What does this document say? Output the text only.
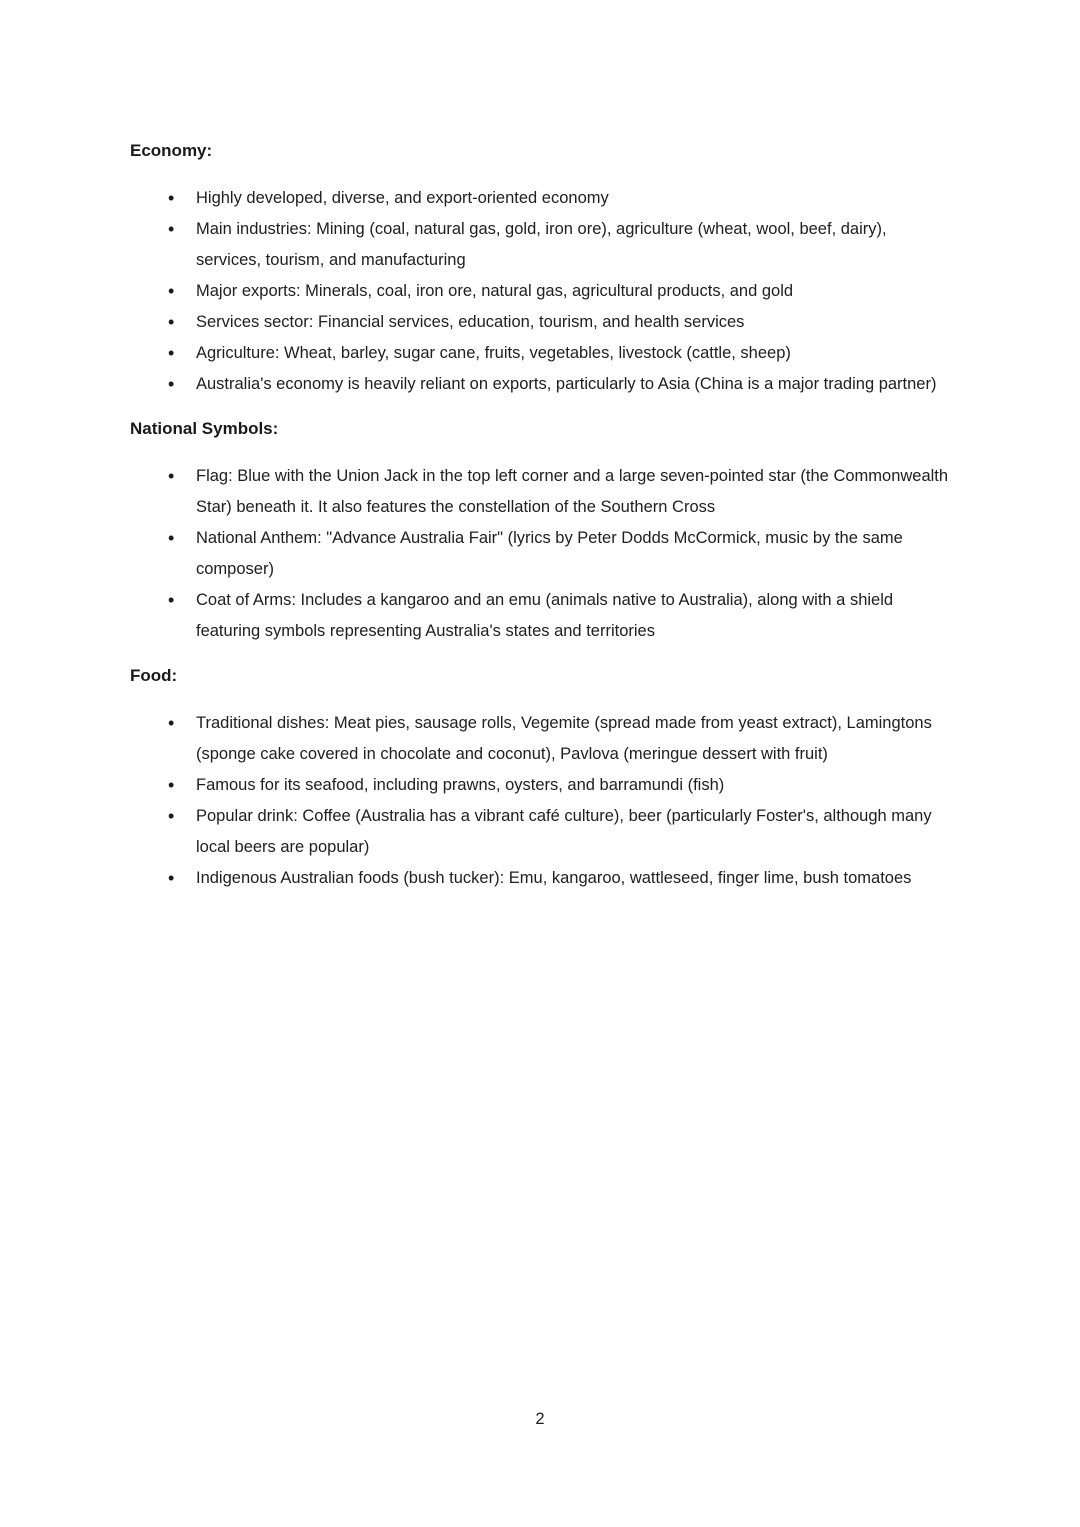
Economy:
• Highly developed, diverse, and export-oriented economy
• Main industries: Mining (coal, natural gas, gold, iron ore), agriculture (wheat, wool, beef, dairy), services, tourism, and manufacturing
• Major exports: Minerals, coal, iron ore, natural gas, agricultural products, and gold
• Services sector: Financial services, education, tourism, and health services
• Agriculture: Wheat, barley, sugar cane, fruits, vegetables, livestock (cattle, sheep)
• Australia's economy is heavily reliant on exports, particularly to Asia (China is a major trading partner)
National Symbols:
• Flag: Blue with the Union Jack in the top left corner and a large seven-pointed star (the Commonwealth Star) beneath it. It also features the constellation of the Southern Cross
• National Anthem: "Advance Australia Fair" (lyrics by Peter Dodds McCormick, music by the same composer)
• Coat of Arms: Includes a kangaroo and an emu (animals native to Australia), along with a shield featuring symbols representing Australia's states and territories
Food:
• Traditional dishes: Meat pies, sausage rolls, Vegemite (spread made from yeast extract), Lamingtons (sponge cake covered in chocolate and coconut), Pavlova (meringue dessert with fruit)
• Famous for its seafood, including prawns, oysters, and barramundi (fish)
• Popular drink: Coffee (Australia has a vibrant café culture), beer (particularly Foster's, although many local beers are popular)
• Indigenous Australian foods (bush tucker): Emu, kangaroo, wattleseed, finger lime, bush tomatoes
2
